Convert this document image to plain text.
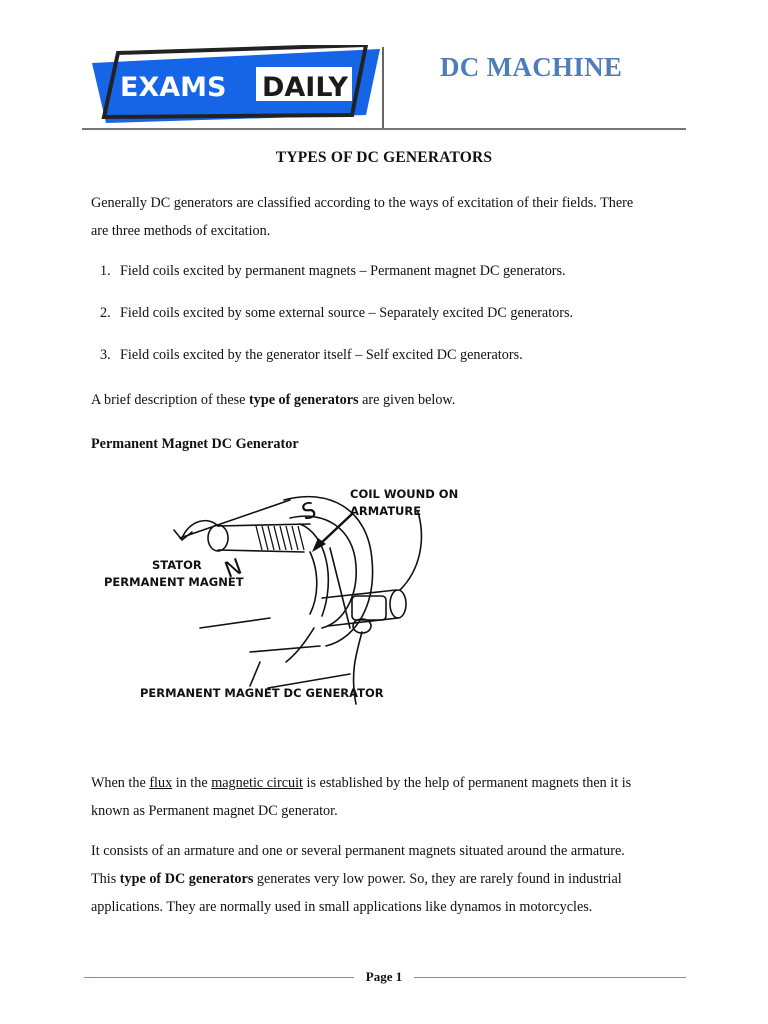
EXAMS DAILY
DC MACHINE
TYPES OF DC GENERATORS
Generally DC generators are classified according to the ways of excitation of their fields. There
are three methods of excitation.
1. Field coils excited by permanent magnets – Permanent magnet DC generators.
2. Field coils excited by some external source – Separately excited DC generators.
3. Field coils excited by the generator itself – Self excited DC generators.
A brief description of these type of generators are given below.
Permanent Magnet DC Generator
S
N
COIL WOUND ON
ARMATURE
STATOR
PERMANENT MAGNET
PERMANENT MAGNET DC GENERATOR
When the flux in the magnetic circuit is established by the help of permanent magnets then it is
known as Permanent magnet DC generator.
It consists of an armature and one or several permanent magnets situated around the armature.
This type of DC generators generates very low power. So, they are rarely found in industrial
applications. They are normally used in small applications like dynamos in motorcycles.
Page 1
